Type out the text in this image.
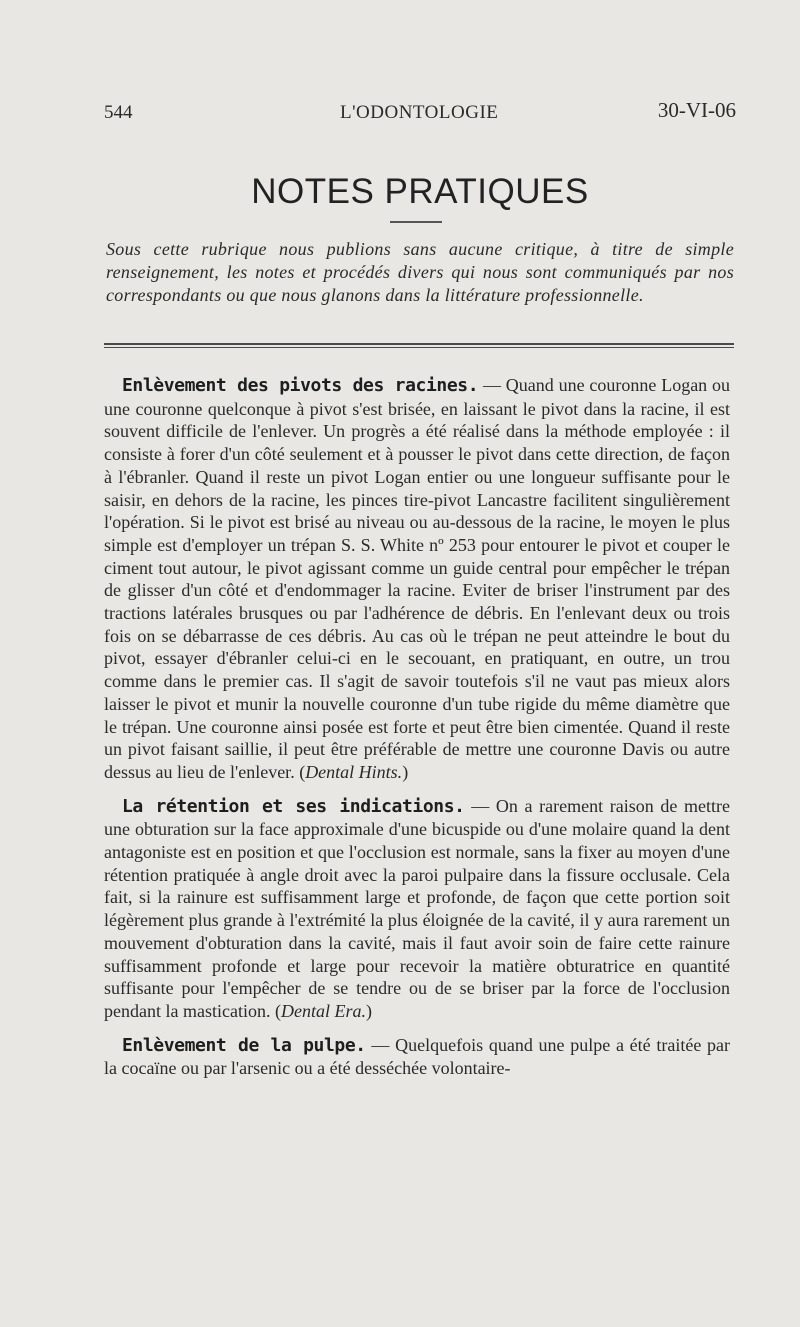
544	L'ODONTOLOGIE	30-VI-06
NOTES PRATIQUES
Sous cette rubrique nous publions sans aucune critique, à titre de simple renseignement, les notes et procédés divers qui nous sont communiqués par nos correspondants ou que nous glanons dans la littérature professionnelle.

Enlèvement des pivots des racines. — Quand une couronne Logan ou une couronne quelconque à pivot s'est brisée, en laissant le pivot dans la racine, il est souvent difficile de l'enlever. Un progrès a été réalisé dans la méthode employée : il consiste à forer d'un côté seulement et à pousser le pivot dans cette direction, de façon à l'ébranler. Quand il reste un pivot Logan entier ou une longueur suffisante pour le saisir, en dehors de la racine, les pinces tire-pivot Lancastre facilitent singulièrement l'opération. Si le pivot est brisé au niveau ou au-dessous de la racine, le moyen le plus simple est d'employer un trépan S. S. White nº 253 pour entourer le pivot et couper le ciment tout autour, le pivot agissant comme un guide central pour empêcher le trépan de glisser d'un côté et d'endommager la racine. Eviter de briser l'instrument par des tractions latérales brusques ou par l'adhérence de débris. En l'enlevant deux ou trois fois on se débarrasse de ces débris. Au cas où le trépan ne peut atteindre le bout du pivot, essayer d'ébranler celui-ci en le secouant, en pratiquant, en outre, un trou comme dans le premier cas. Il s'agit de savoir toutefois s'il ne vaut pas mieux alors laisser le pivot et munir la nouvelle couronne d'un tube rigide du même diamètre que le trépan. Une couronne ainsi posée est forte et peut être bien cimentée. Quand il reste un pivot faisant saillie, il peut être préférable de mettre une couronne Davis ou autre dessus au lieu de l'enlever. (Dental Hints.)

La rétention et ses indications. — On a rarement raison de mettre une obturation sur la face approximale d'une bicuspide ou d'une molaire quand la dent antagoniste est en position et que l'occlusion est normale, sans la fixer au moyen d'une rétention pratiquée à angle droit avec la paroi pulpaire dans la fissure occlusale. Cela fait, si la rainure est suffisamment large et profonde, de façon que cette portion soit légèrement plus grande à l'extrémité la plus éloignée de la cavité, il y aura rarement un mouvement d'obturation dans la cavité, mais il faut avoir soin de faire cette rainure suffisamment profonde et large pour recevoir la matière obturatrice en quantité suffisante pour l'empêcher de se tendre ou de se briser par la force de l'occlusion pendant la mastication. (Dental Era.)

Enlèvement de la pulpe. — Quelquefois quand une pulpe a été traitée par la cocaïne ou par l'arsenic ou a été desséchée volontaire-
